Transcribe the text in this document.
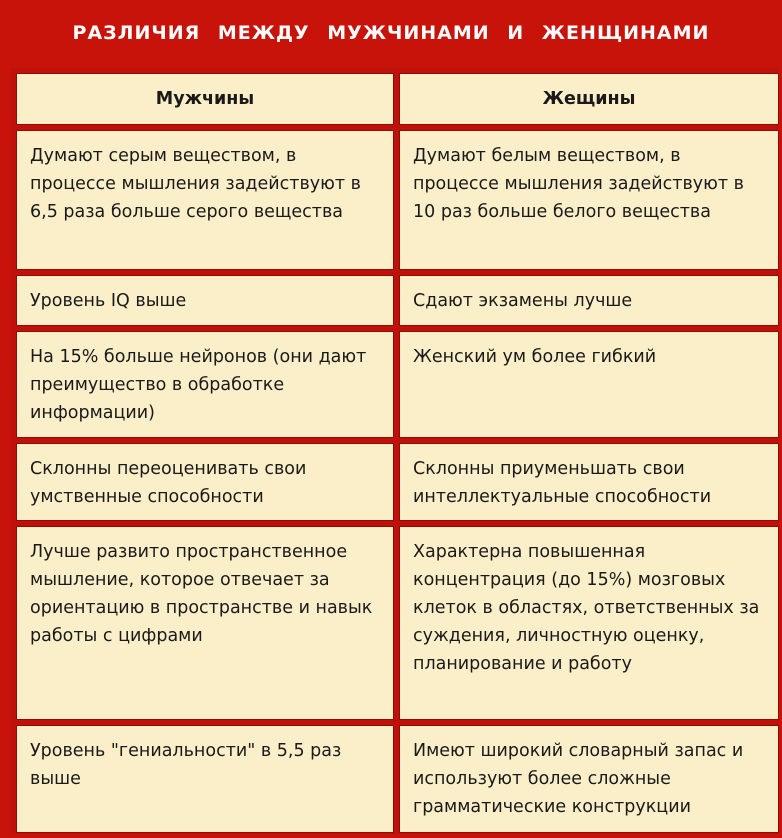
РАЗЛИЧИЯ МЕЖДУ МУЖЧИНАМИ И ЖЕНЩИНАМИ
Мужчины	Жещины
Думают серым веществом, в процессе мышления задействуют в 6,5 раза больше серого вещества	Думают белым веществом, в процессе мышления задействуют в 10 раз больше белого вещества
Уровень IQ выше	Сдают экзамены лучше
На 15% больше нейронов (они дают преимущество в обработке информации)	Женский ум более гибкий
Склонны переоценивать свои умственные способности	Склонны приуменьшать свои интеллектуальные способности
Лучше развито пространственное мышление, которое отвечает за ориентацию в пространстве и навык работы с цифрами	Характерна повышенная концентрация (до 15%) мозговых клеток в областях, ответственных за суждения, личностную оценку, планирование и работу
Уровень "гениальности" в 5,5 раз выше	Имеют широкий словарный запас и используют более сложные грамматические конструкции
